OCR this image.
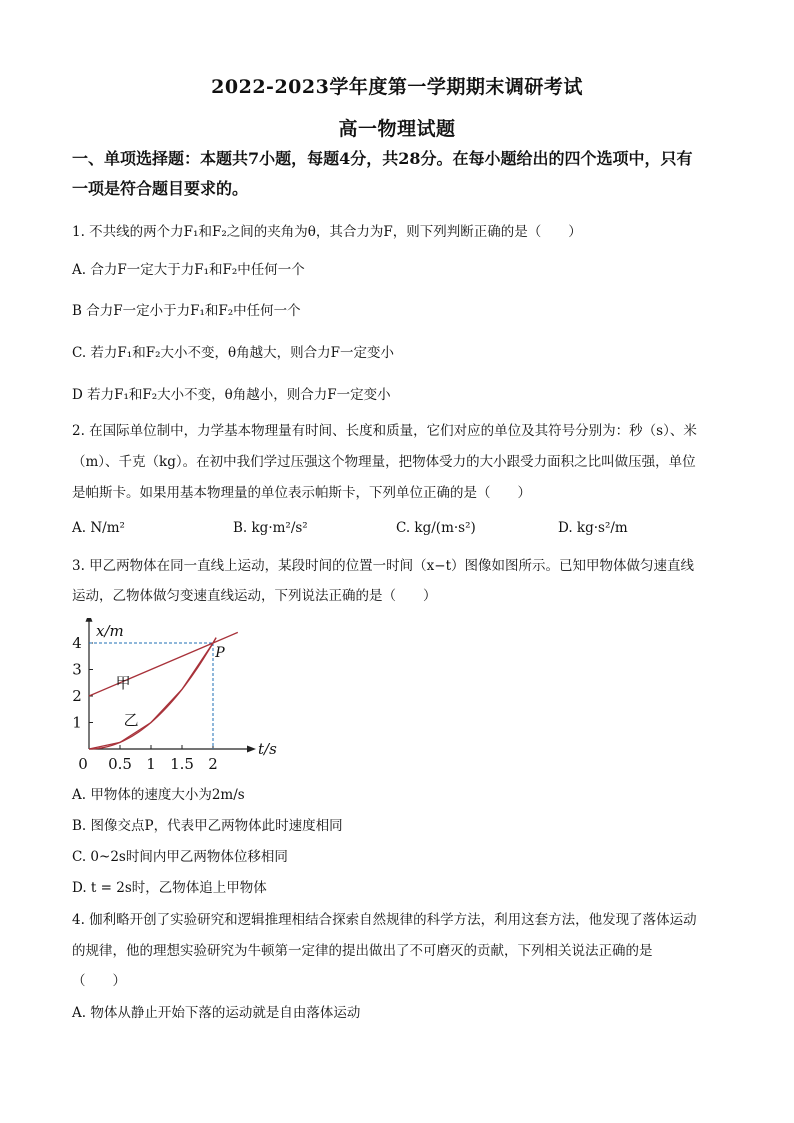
2022-2023学年度第一学期期末调研考试
高一物理试题
一、单项选择题：本题共7小题，每题4分，共28分。在每小题给出的四个选项中，只有
一项是符合题目要求的。
1. 不共线的两个力F₁和F₂之间的夹角为θ，其合力为F，则下列判断正确的是（　　）
A. 合力F一定大于力F₁和F₂中任何一个
B 合力F一定小于力F₁和F₂中任何一个
C. 若力F₁和F₂大小不变，θ角越大，则合力F一定变小
D 若力F₁和F₂大小不变，θ角越小，则合力F一定变小
2. 在国际单位制中，力学基本物理量有时间、长度和质量，它们对应的单位及其符号分别为：秒（s）、米
（m）、千克（kg）。在初中我们学过压强这个物理量，把物体受力的大小跟受力面积之比叫做压强，单位
是帕斯卡。如果用基本物理量的单位表示帕斯卡，下列单位正确的是（　　）
A. N/m²	B. kg·m²/s²	C. kg/(m·s²)	D. kg·s²/m
3. 甲乙两物体在同一直线上运动，某段时间的位置一时间（x−t）图像如图所示。已知甲物体做匀速直线
运动，乙物体做匀变速直线运动，下列说法正确的是（　　）
x/m
t/s
1
2
3
4
0 0.5 1 1.5 2
甲
乙
P
A. 甲物体的速度大小为2m/s
B. 图像交点P，代表甲乙两物体此时速度相同
C. 0~2s时间内甲乙两物体位移相同
D. t = 2s时，乙物体追上甲物体
4. 伽利略开创了实验研究和逻辑推理相结合探索自然规律的科学方法，利用这套方法，他发现了落体运动
的规律，他的理想实验研究为牛顿第一定律的提出做出了不可磨灭的贡献，下列相关说法正确的是
（　　）
A. 物体从静止开始下落的运动就是自由落体运动
